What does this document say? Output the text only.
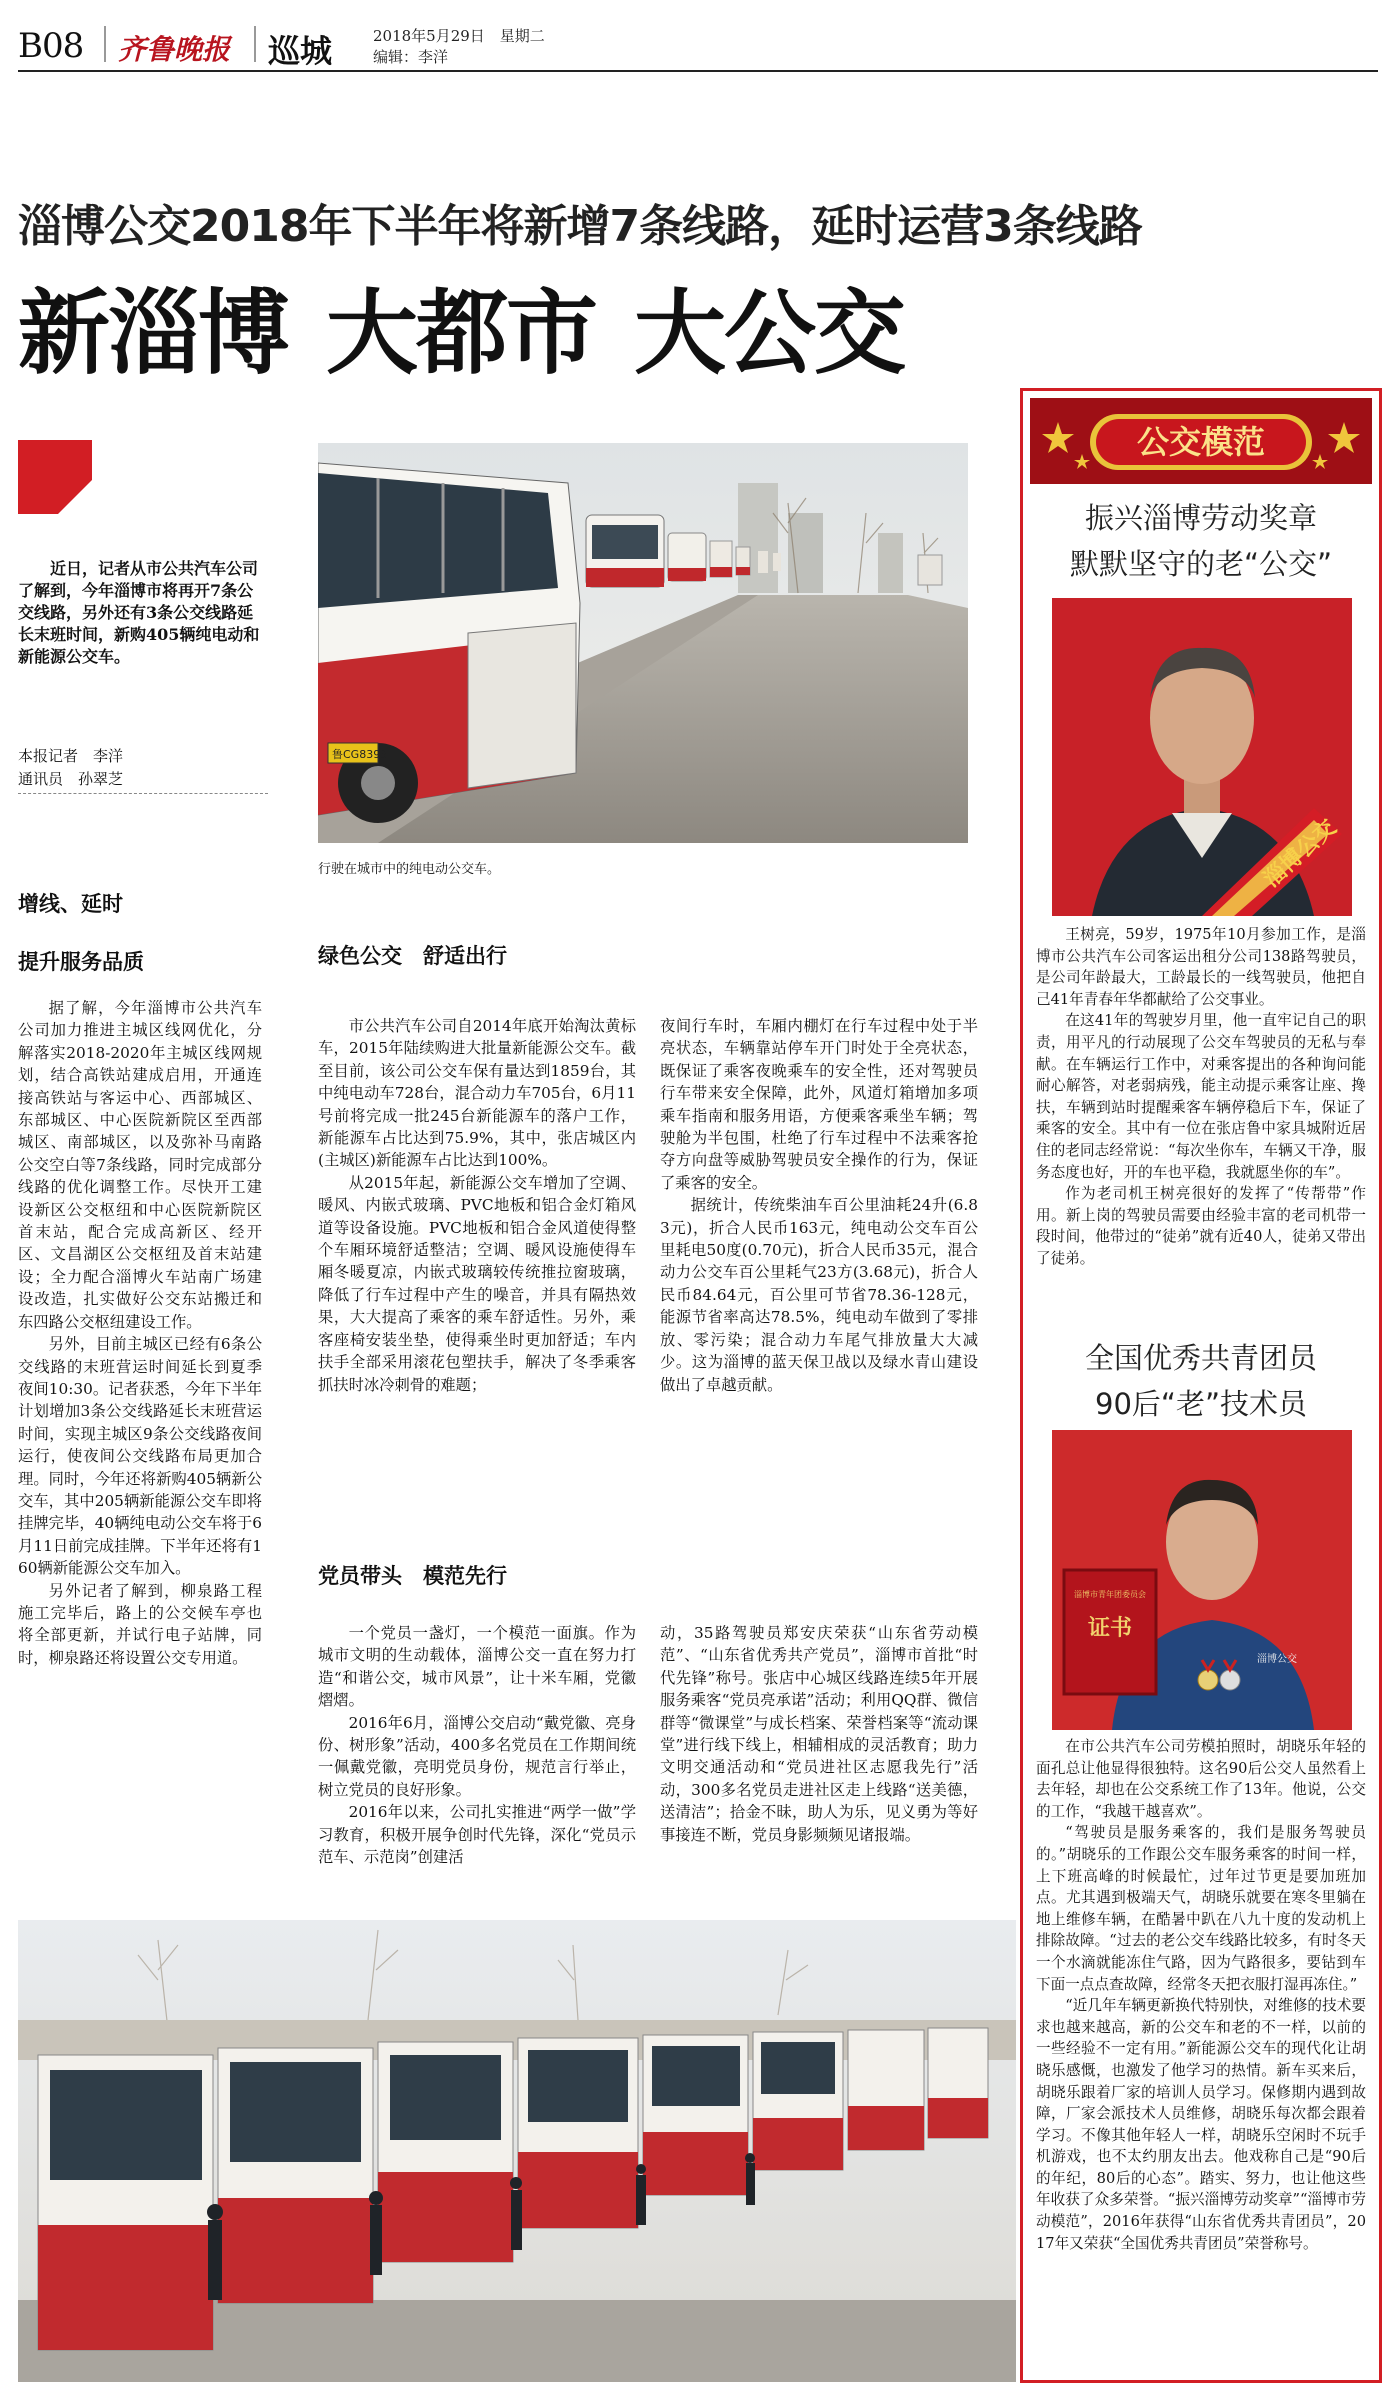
B08 齐鲁晚报 巡城	2018年5月29日　星期二
编辑：李洋
淄博公交2018年下半年将新增7条线路，延时运营3条线路
新淄博 大都市 大公交
近日，记者从市公共汽车公司了解到，今年淄博市将再开7条公交线路，另外还有3条公交线路延长末班时间，新购405辆纯电动和新能源公交车。
本报记者　李洋
通讯员　孙翠芝
鲁CG8393
行驶在城市中的纯电动公交车。
增线、延时
提升服务品质

据了解，今年淄博市公共汽车公司加力推进主城区线网优化，分解落实2018-2020年主城区线网规划，结合高铁站建成启用，开通连接高铁站与客运中心、西部城区、东部城区、中心医院新院区至西部城区、南部城区，以及弥补马南路公交空白等7条线路，同时完成部分线路的优化调整工作。尽快开工建设新区公交枢纽和中心医院新院区首末站，配合完成高新区、经开区、文昌湖区公交枢纽及首末站建设；全力配合淄博火车站南广场建设改造，扎实做好公交东站搬迁和东四路公交枢纽建设工作。

另外，目前主城区已经有6条公交线路的末班营运时间延长到夏季夜间10:30。记者获悉，今年下半年计划增加3条公交线路延长末班营运时间，实现主城区9条公交线路夜间运行，使夜间公交线路布局更加合理。同时，今年还将新购405辆新公交车，其中205辆新能源公交车即将挂牌完毕，40辆纯电动公交车将于6月11日前完成挂牌。下半年还将有160辆新能源公交车加入。

另外记者了解到，柳泉路工程施工完毕后，路上的公交候车亭也将全部更新，并试行电子站牌，同时，柳泉路还将设置公交专用道。

绿色公交　舒适出行

市公共汽车公司自2014年底开始淘汰黄标车，2015年陆续购进大批量新能源公交车。截至目前，该公司公交车保有量达到1859台，其中纯电动车728台，混合动力车705台，6月11号前将完成一批245台新能源车的落户工作，新能源车占比达到75.9%，其中，张店城区内(主城区)新能源车占比达到100%。

从2015年起，新能源公交车增加了空调、暖风、内嵌式玻璃、PVC地板和铝合金灯箱风道等设备设施。PVC地板和铝合金风道使得整个车厢环境舒适整洁；空调、暖风设施使得车厢冬暖夏凉，内嵌式玻璃较传统推拉窗玻璃，降低了行车过程中产生的噪音，并具有隔热效果，大大提高了乘客的乘车舒适性。另外，乘客座椅安装坐垫，使得乘坐时更加舒适；车内扶手全部采用滚花包塑扶手，解决了冬季乘客抓扶时冰冷刺骨的难题；

夜间行车时，车厢内棚灯在行车过程中处于半亮状态，车辆靠站停车开门时处于全亮状态，既保证了乘客夜晚乘车的安全性，还对驾驶员行车带来安全保障，此外，风道灯箱增加多项乘车指南和服务用语，方便乘客乘坐车辆；驾驶舱为半包围，杜绝了行车过程中不法乘客抢夺方向盘等威胁驾驶员安全操作的行为，保证了乘客的安全。

据统计，传统柴油车百公里油耗24升(6.83元)，折合人民币163元，纯电动公交车百公里耗电50度(0.70元)，折合人民币35元，混合动力公交车百公里耗气23方(3.68元)，折合人民币84.64元，百公里可节省78.36-128元，能源节省率高达78.5%，纯电动车做到了零排放、零污染；混合动力车尾气排放量大大减少。这为淄博的蓝天保卫战以及绿水青山建设做出了卓越贡献。

党员带头　模范先行

一个党员一盏灯，一个模范一面旗。作为城市文明的生动载体，淄博公交一直在努力打造“和谐公交，城市风景”，让十米车厢，党徽熠熠。

2016年6月，淄博公交启动“戴党徽、亮身份、树形象”活动，400多名党员在工作期间统一佩戴党徽，亮明党员身份，规范言行举止，树立党员的良好形象。

2016年以来，公司扎实推进“两学一做”学习教育，积极开展争创时代先锋，深化“党员示范车、示范岗”创建活

动，35路驾驶员郑安庆荣获“山东省劳动模范”、“山东省优秀共产党员”，淄博市首批“时代先锋”称号。张店中心城区线路连续5年开展服务乘客“党员亮承诺”活动；利用QQ群、微信群等“微课堂”与成长档案、荣誉档案等“流动课堂”进行线下线上，相辅相成的灵活教育；助力文明交通活动和“党员进社区志愿我先行”活动，300多名党员走进社区走上线路“送美德，送清洁”；拾金不昧，助人为乐，见义勇为等好事接连不断，党员身影频频见诸报端。

公交模范
振兴淄博劳动奖章
默默坚守的老“公交”
淄博公交

王树亮，59岁，1975年10月参加工作，是淄博市公共汽车公司客运出租分公司138路驾驶员，是公司年龄最大，工龄最长的一线驾驶员，他把自己41年青春年华都献给了公交事业。

在这41年的驾驶岁月里，他一直牢记自己的职责，用平凡的行动展现了公交车驾驶员的无私与奉献。在车辆运行工作中，对乘客提出的各种询问能耐心解答，对老弱病残，能主动提示乘客让座、搀扶，车辆到站时提醒乘客车辆停稳后下车，保证了乘客的安全。其中有一位在张店鲁中家具城附近居住的老同志经常说：“每次坐你车，车辆又干净，服务态度也好，开的车也平稳，我就愿坐你的车”。

作为老司机王树亮很好的发挥了“传帮带”作用。新上岗的驾驶员需要由经验丰富的老司机带一段时间，他带过的“徒弟”就有近40人，徒弟又带出了徒弟。

全国优秀共青团员
90后“老”技术员
淄博市青年团委员会
证书
淄博公交

在市公共汽车公司劳模拍照时，胡晓乐年轻的面孔总让他显得很独特。这名90后公交人虽然看上去年轻，却也在公交系统工作了13年。他说，公交的工作，“我越干越喜欢”。

“驾驶员是服务乘客的，我们是服务驾驶员的。”胡晓乐的工作跟公交车服务乘客的时间一样，上下班高峰的时候最忙，过年过节更是要加班加点。尤其遇到极端天气，胡晓乐就要在寒冬里躺在地上维修车辆，在酷暑中趴在八九十度的发动机上排除故障。“过去的老公交车线路比较多，有时冬天一个水滴就能冻住气路，因为气路很多，要钻到车下面一点点查故障，经常冬天把衣服打湿再冻住。”

“近几年车辆更新换代特别快，对维修的技术要求也越来越高，新的公交车和老的不一样，以前的一些经验不一定有用。”新能源公交车的现代化让胡晓乐感慨，也激发了他学习的热情。新车买来后，胡晓乐跟着厂家的培训人员学习。保修期内遇到故障，厂家会派技术人员维修，胡晓乐每次都会跟着学习。不像其他年轻人一样，胡晓乐空闲时不玩手机游戏，也不太约朋友出去。他戏称自己是“90后的年纪，80后的心态”。踏实、努力，也让他这些年收获了众多荣誉。“振兴淄博劳动奖章”“淄博市劳动模范”，2016年获得“山东省优秀共青团员”，2017年又荣获“全国优秀共青团员”荣誉称号。
